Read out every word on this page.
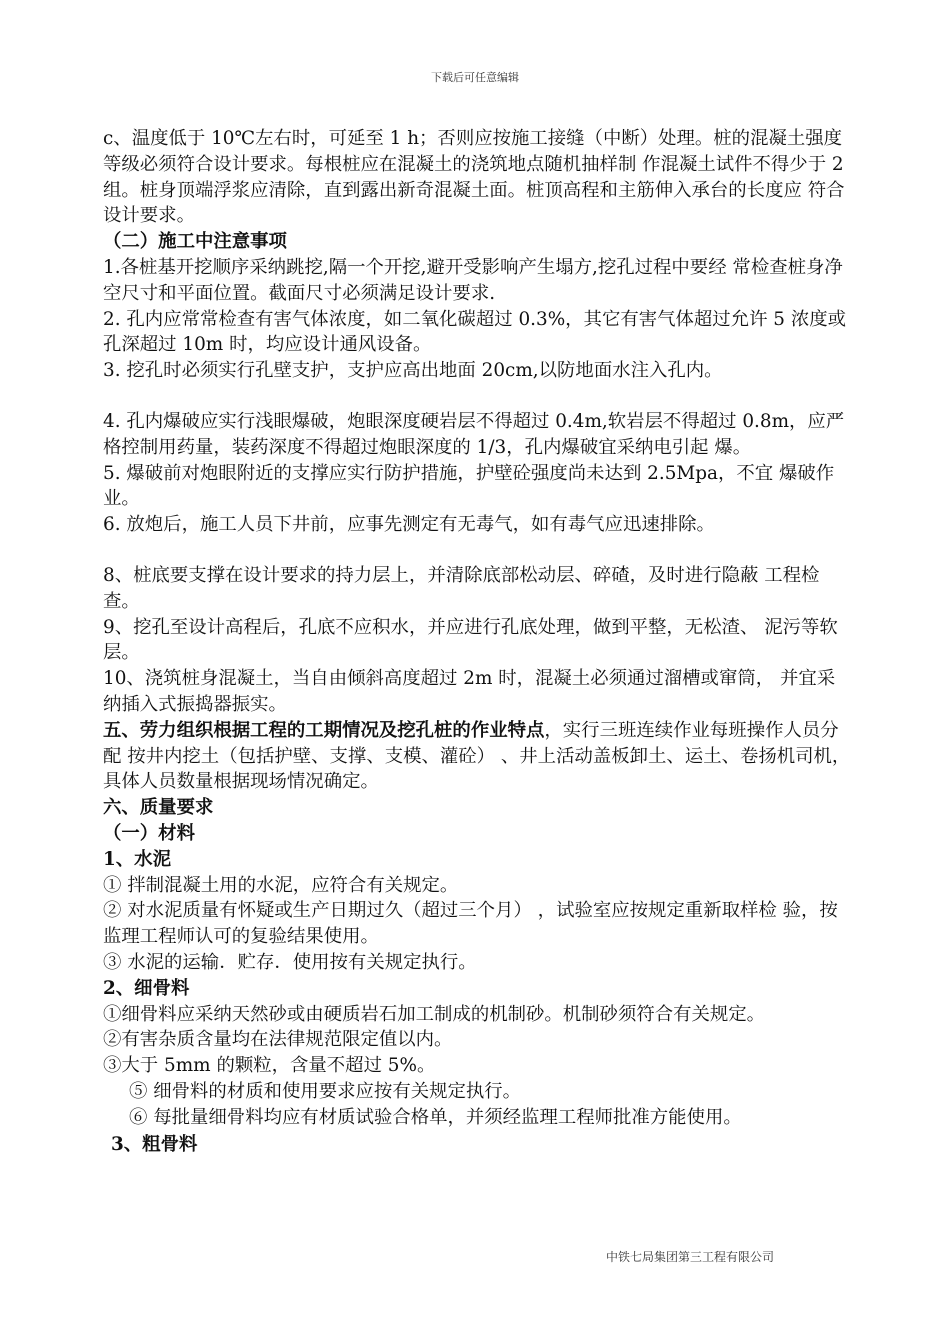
下载后可任意编辑

c、温度低于 10℃左右时，可延至 1 h；否则应按施工接缝（中断）处理。桩的混凝土强度等级必须符合设计要求。每根桩应在混凝土的浇筑地点随机抽样制 作混凝土试件不得少于 2 组。桩身顶端浮浆应清除，直到露出新奇混凝土面。桩顶高程和主筋伸入承台的长度应 符合设计要求。

（二）施工中注意事项

1.各桩基开挖顺序采纳跳挖,隔一个开挖,避开受影响产生塌方,挖孔过程中要经 常检查桩身净空尺寸和平面位置。截面尺寸必须满足设计要求.

2. 孔内应常常检查有害气体浓度，如二氧化碳超过 0.3%，其它有害气体超过允许 5 浓度或孔深超过 10m 时，均应设计通风设备。

3. 挖孔时必须实行孔壁支护，支护应高出地面 20cm,以防地面水注入孔内。

4. 孔内爆破应实行浅眼爆破，炮眼深度硬岩层不得超过 0.4m,软岩层不得超过 0.8m，应严格控制用药量，装药深度不得超过炮眼深度的 1/3，孔内爆破宜采纳电引起 爆。

5. 爆破前对炮眼附近的支撑应实行防护措施，护壁砼强度尚未达到 2.5Mpa，不宜 爆破作业。

6. 放炮后，施工人员下井前，应事先测定有无毒气，如有毒气应迅速排除。

8、桩底要支撑在设计要求的持力层上，并清除底部松动层、碎碴，及时进行隐蔽 工程检查。

9、挖孔至设计高程后，孔底不应积水，并应进行孔底处理，做到平整，无松渣、 泥污等软层。

10、浇筑桩身混凝土，当自由倾斜高度超过 2m 时，混凝土必须通过溜槽或窜筒， 并宜采纳插入式振捣器振实。

五、劳力组织根据工程的工期情况及挖孔桩的作业特点，实行三班连续作业每班操作人员分配 按井内挖土（包括护壁、支撑、支模、灌砼） 、井上活动盖板卸土、运土、卷扬机司机， 具体人员数量根据现场情况确定。

六、质量要求

（一）材料

1、水泥

① 拌制混凝土用的水泥，应符合有关规定。

② 对水泥质量有怀疑或生产日期过久（超过三个月） ，试验室应按规定重新取样检 验，按监理工程师认可的复验结果使用。

③ 水泥的运输．贮存．使用按有关规定执行。

2、细骨料

①细骨料应采纳天然砂或由硬质岩石加工制成的机制砂。机制砂须符合有关规定。

②有害杂质含量均在法律规范限定值以内。

③大于 5mm 的颗粒，含量不超过 5%。

⑤ 细骨料的材质和使用要求应按有关规定执行。

⑥ 每批量细骨料均应有材质试验合格单，并须经监理工程师批准方能使用。

3、粗骨料

中铁七局集团第三工程有限公司
